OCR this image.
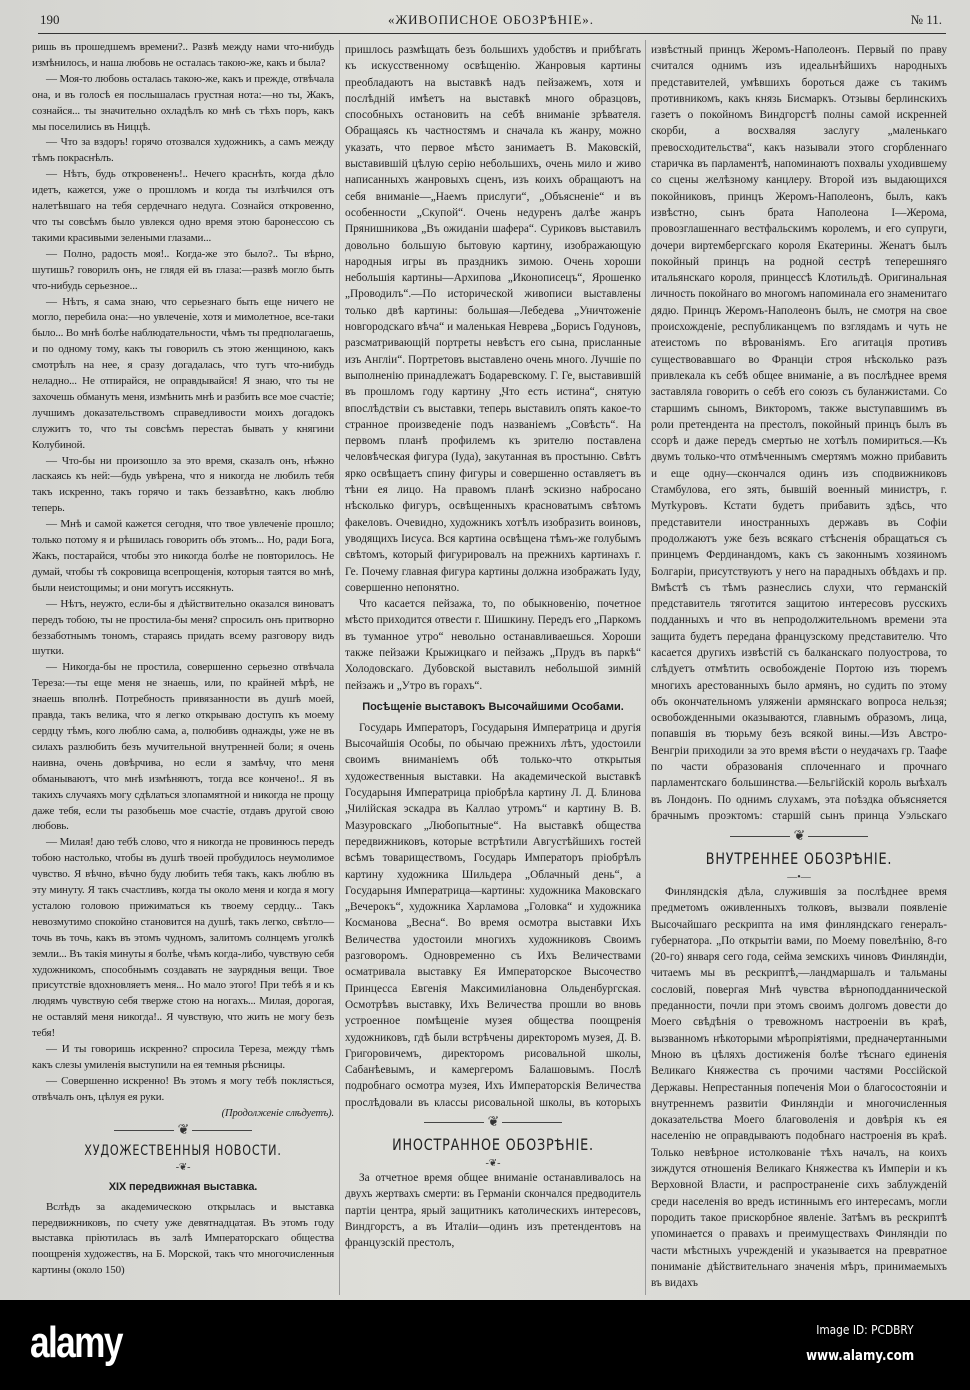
190	«ЖИВОПИСНОЕ ОБОЗРѢНІЕ».	№ 11.

ришь въ прошедшемъ времени?.. Развѣ между нами что-нибудь измѣнилось, и наша любовь не осталась такою-же, какъ и была?

— Моя-то любовь осталась такою-же, какъ и прежде, отвѣчала она, и въ голосѣ ея послышалась грустная нота:—но ты, Жакъ, сознайся... ты значительно охладѣлъ ко мнѣ съ тѣхъ поръ, какъ мы поселились въ Ниццѣ.

— Что за вздоръ! горячо отозвался художникъ, а самъ между тѣмъ покраснѣлъ.

— Нѣтъ, будь откровененъ!.. Нечего краснѣть, когда дѣло идетъ, кажется, уже о прошломъ и когда ты излѣчился отъ налетѣвшаго на тебя сердечнаго недуга. Сознайся откровенно, что ты совсѣмъ было увлекся одно время этою баронессою съ такими красивыми зелеными глазами...

— Полно, радость моя!.. Когда-же это было?.. Ты вѣрно, шутишь? говорилъ онъ, не глядя ей въ глаза:—развѣ могло быть что-нибудь серьезное...

— Нѣтъ, я сама знаю, что серьезнаго быть еще ничего не могло, перебила она:—но увлеченіе, хотя и мимолетное, все-таки было... Во мнѣ болѣе наблюдательности, чѣмъ ты предполагаешь, и по одному тому, какъ ты говорилъ съ этою женщиною, какъ смотрѣлъ на нее, я сразу догадалась, что тутъ что-нибудь неладно... Не отпирайся, не оправдывайся! Я знаю, что ты не захочешь обмануть меня, измѣнить мнѣ и разбить все мое счастіе; лучшимъ доказательствомъ справедливости моихъ догадокъ служитъ то, что ты совсѣмъ перестаъ бывать у княгини Колубиной.

— Что-бы ни произошло за это время, сказалъ онъ, нѣжно ласкаясь къ ней:—будь увѣрена, что я никогда не любилъ тебя такъ искренно, такъ горячо и такъ беззавѣтно, какъ люблю теперь.

— Мнѣ и самой кажется сегодня, что твое увлеченіе прошло; только потому я и рѣшилась говорить объ этомъ... Но, ради Бога, Жакъ, постарайся, чтобы это никогда болѣе не повторилось. Не думай, чтобы тѣ сокровища всепрощенія, которыя таятся во мнѣ, были неистощимы; и они могутъ иссякнуть.

— Нѣтъ, неужто, если-бы я дѣйствительно оказался виноватъ передъ тобою, ты не простила-бы меня? спросилъ онъ притворно беззаботнымъ тономъ, стараясь придать всему разговору видъ шутки.

— Никогда-бы не простила, совершенно серьезно отвѣчала Тереза:—ты еще меня не знаешь, или, по крайней мѣрѣ, не знаешь вполнѣ. Потребность привязанности въ душѣ моей, правда, такъ велика, что я легко открываю доступъ къ моему сердцу тѣмъ, кого люблю сама, а, полюбивъ однажды, уже не въ силахъ разлюбить безъ мучительной внутренней боли; я очень наивна, очень довѣрчива, но если я замѣчу, что меня обманываютъ, что мнѣ измѣняютъ, тогда все кончено!.. Я въ такихъ случаяхъ могу сдѣлаться злопамятной и никогда не прощу даже тебя, если ты разобьешь мое счастіе, отдавъ другой свою любовь.

— Милая! даю тебѣ слово, что я никогда не провинюсь передъ тобою настолько, чтобы въ душѣ твоей пробудилось неумолимое чувство. Я вѣчно, вѣчно буду любить тебя такъ, какъ люблю въ эту минуту. Я такъ счастливъ, когда ты около меня и когда я могу усталою головою прижиматься къ твоему сердцу... Такъ невозмутимо спокойно становится на душѣ, такъ легко, свѣтло—точь въ точь, какъ въ этомъ чудномъ, залитомъ солнцемъ уголкѣ земли... Въ такія минуты я болѣе, чѣмъ когда-либо, чувствую себя художникомъ, способнымъ создавать не заурядныя вещи. Твое присутствіе вдохновляетъ меня... Но мало этого! При тебѣ я и къ людямъ чувствую себя тверже стою на ногахъ... Милая, дорогая, не оставляй меня никогда!.. Я чувствую, что жить не могу безъ тебя!

— И ты говоришь искренно? спросила Тереза, между тѣмъ какъ слезы умиленія выступили на ея темныя рѣсницы.

— Совершенно искренно! Въ этомъ я могу тебѣ поклясться, отвѣчалъ онъ, цѣлуя ея руки.

(Продолженіе слѣдуетъ).
❦
ХУДОЖЕСТВЕННЫЯ НОВОСТИ.
-❦-
XIX передвижная выставка.

Вслѣдъ за академическою открылась и выставка передвижниковъ, по счету уже девятнадцатая. Въ этомъ году выставка пріютилась въ залѣ Императорскаго общества поощренія художествъ, на Б. Морской, такъ что многочисленныя картины (около 150)

пришлось размѣщать безъ большихъ удобствъ и прибѣгать къ искусственному освѣщенію. Жанровыя картины преобладаютъ на выставкѣ надъ пейзажемъ, хотя и послѣдній имѣетъ на выставкѣ много образцовъ, способныхъ остановить на себѣ вниманіе зрѣвателя. Обращаясь къ частностямъ и сначала къ жанру, можно указать, что первое мѣсто занимаетъ В. Маковскій, выставившій цѣлую серію небольшихъ, очень мило и живо написанныхъ жанровыхъ сценъ, изъ коихъ обращаютъ на себя вниманіе—„Наемъ прислуги“, „Объясненіе“ и въ особенности „Скупой“. Очень недуренъ далѣе жанръ Прянишникова „Въ ожиданіи шафера“. Суриковъ выставилъ довольно большую бытовую картину, изображающую народныя игры въ праздникъ зимою. Очень хороши небольшія картины—Архипова „Иконописецъ“, Ярошенко „Проводилъ“.—По исторической живописи выставлены только двѣ картины: большая—Лебедева „Уничтоженіе новгородскаго вѣча“ и маленькая Неврева „Борисъ Годуновъ, разсматривающій портреты невѣстъ его сына, присланные изъ Англіи“. Портретовъ выставлено очень много. Лучшіе по выполненію принадлежатъ Бодаревскому. Г. Ге, выставившій въ прошломъ году картину „Что есть истина“, снятую впослѣдствіи съ выставки, теперь выставилъ опять какое-то странное произведеніе подъ названіемъ „Совѣсть“. На первомъ планѣ профилемъ къ зрителю поставлена человѣческая фигура (Іуда), закутанная въ простыню. Свѣтъ ярко освѣщаетъ спину фигуры и совершенно оставляетъ въ тѣни ея лицо. На правомъ планѣ эскизно набросано нѣсколько фигуръ, освѣщенныхъ красноватымъ свѣтомъ факеловъ. Очевидно, художникъ хотѣлъ изобразить воиновъ, уводящихъ Іисуса. Вся картина освѣщена тѣмъ-же голубымъ свѣтомъ, который фигурировалъ на прежнихъ картинахъ г. Ге. Почему главная фигура картины должна изображать Іуду, совершенно непонятно.

Что касается пейзажа, то, по обыкновенію, почетное мѣсто приходится отвести г. Шишкину. Передъ его „Паркомъ въ туманное утро“ невольно останавливаешься. Хороши также пейзажи Крыжицкаго и пейзажъ „Прудъ въ паркѣ“ Холодовскаго. Дубовской выставилъ небольшой зимній пейзажъ и „Утро въ горахъ“.

Посѣщеніе выставокъ Высочайшими Особами.

Государь Императоръ, Государыня Императрица и другія Высочайшія Особы, по обычаю прежнихъ лѣтъ, удостоили своимъ вниманіемъ обѣ только-что открытыя художественныя выставки. На академической выставкѣ Государыня Императрица пріобрѣла картину Л. Д. Блинова „Чилійская эскадра въ Каллао утромъ“ и картину В. В. Мазуровскаго „Любопытные“. На выставкѣ общества передвижниковъ, которые встрѣтили Августѣйшихъ гостей всѣмъ товариществомъ, Государь Императоръ пріобрѣлъ картину художника Шильдера „Облачный день“, а Государыня Императрица—картины: художника Маковскаго „Вечерокъ“, художника Харламова „Головка“ и художника Косманова „Весна“. Во время осмотра выставки Ихъ Величества удостоили многихъ художниковъ Своимъ разговоромъ. Одновременно съ Ихъ Величествами осматривала выставку Ея Императорское Высочество Принцесса Евгенія Максимиліановна Ольденбургская. Осмотрѣвъ выставку, Ихъ Величества прошли во вновь устроенное помѣщеніе музея общества поощренія художниковъ, гдѣ были встрѣчены директоромъ музея, Д. В. Григоровичемъ, директоромъ рисовальной школы, Сабанѣевымъ, и камергеромъ Балашовымъ. Послѣ подробнаго осмотра музея, Ихъ Императорскія Величества прослѣдовали въ классы рисовальной школы, въ которыхъ

❦
ИНОСТРАННОЕ ОБОЗРѢНІЕ.
-❦-

За отчетное время общее вниманіе останавливалось на двухъ жертвахъ смерти: въ Германіи скончался предводитель партіи центра, ярый защитникъ католическихъ интересовъ, Виндгорстъ, а въ Италіи—одинъ изъ претендентовъ на французскій престолъ,

извѣстный принцъ Жеромъ-Наполеонъ. Первый по праву считался однимъ изъ идеальнѣйшихъ народныхъ представителей, умѣвшихъ бороться даже съ такимъ противникомъ, какъ князь Бисмаркъ. Отзывы берлинскихъ газетъ о покойномъ Виндгорстѣ полны самой искренней скорби, а восхваляя заслугу „маленькаго превосходительства“, какъ называли этого сгорбленнаго старичка въ парламентѣ, напоминаютъ похвалы уходившему со сцены желѣзному канцлеру. Второй изъ выдающихся покойниковъ, принцъ Жеромъ-Наполеонъ, былъ, какъ извѣстно, сынъ брата Наполеона I—Жерома, провозглашеннаго вестфальскимъ королемъ, и его супруги, дочери виртембергскаго короля Екатерины. Женатъ былъ покойный принцъ на родной сестрѣ теперешняго итальянскаго короля, принцессѣ Клотильдѣ. Оригинальная личность покойнаго во многомъ напоминала его знаменитаго дядю. Принцъ Жеромъ-Наполеонъ былъ, не смотря на свое происхожденіе, республиканцемъ по взглядамъ и чуть не атеистомъ по вѣрованіямъ. Его агитація противъ существовавшаго во Франціи строя нѣсколько разъ привлекала къ себѣ общее вниманіе, а въ послѣднее время заставляла говорить о себѣ его союзъ съ буланжистами. Со старшимъ сыномъ, Викторомъ, также выступавшимъ въ роли претендента на престолъ, покойный принцъ былъ въ ссорѣ и даже передъ смертью не хотѣлъ помириться.—Къ двумъ только-что отмѣченнымъ смертямъ можно прибавить и еще одну—скончался одинъ изъ сподвижниковъ Стамбулова, его зять, бывшій военный министръ, г. Мутkуровъ. Кстати будетъ прибавить здѣсь, что представители иностранныхъ державъ въ Софіи продолжаютъ уже безъ всякаго стѣсненія обращаться съ принцемъ Фердинандомъ, какъ съ законнымъ хозяиномъ Болгаріи, присутствуютъ у него на парадныхъ обѣдахъ и пр. Вмѣстѣ съ тѣмъ разнеслись слухи, что германскій представитель тяготится защитою интересовъ русскихъ подданныхъ и что въ непродолжительномъ времени эта защита будетъ передана французскому представителю. Что касается другихъ извѣстій съ балканскаго полуострова, то слѣдуетъ отмѣтить освобожденіе Портою изъ тюремъ многихъ арестованныхъ было армянъ, но судить по этому объ окончательномъ уляженіи армянскаго вопроса нельзя; освобожденными оказываются, главнымъ образомъ, лица, попавшія въ тюрьму безъ всякой вины.—Изъ Австро-Венгріи приходили за это время вѣсти о неудачахъ гр. Таафе по части образованія сплоченнаго и прочнаго парламентскаго большинства.—Бельгійскій король выѣхалъ въ Лондонъ. По однимъ слухамъ, эта поѣздка объясняется брачнымъ проэктомъ: старшій сынъ принца Уэльскаго

❦
ВНУТРЕННЕЕ ОБОЗРѢНІЕ.
—•—

Финляндскія дѣла, служившія за послѣднее время предметомъ оживленныхъ толковъ, вызвали появленіе Высочайшаго рескрипта на имя финляндскаго генералъ-губернатора. „По открытіи вами, по Моему повелѣнію, 8-го (20-го) января сего года, сейма земскихъ чиновъ Финляндіи, читаемъ мы въ рескриптѣ,—ландмаршалъ и тальманы сословій, повергая Мнѣ чувства вѣрноподданнической преданности, почли при этомъ своимъ долгомъ довести до Моего свѣдѣнія о тревожномъ настроеніи въ краѣ, вызванномъ нѣкоторыми мѣропріятіями, предначертанными Мною въ цѣляхъ достиженія болѣе тѣснаго единенія Великаго Княжества съ прочими частями Россійской Державы. Непрестанныя попеченія Мои о благосостояніи и внутреннемъ развитіи Финляндіи и многочисленныя доказательства Моего благоволенія и довѣрія къ ея населенію не оправдываютъ подобнаго настроенія въ краѣ. Только невѣрное истолкованіе тѣхъ началъ, на коихъ зиждутся отношенія Великаго Княжества къ Имперіи и къ Верховной Власти, и распространеніе сихъ заблужденій среди населенія во вредъ истиннымъ его интересамъ, могли породить такое прискорбное явленіе. Затѣмъ въ рескриптѣ упоминается о правахъ и преимуществахъ Финляндіи по части мѣстныхъ учрежденій и указывается на превратное пониманіе дѣйствительнаго значенія мѣръ, принимаемыхъ въ видахъ

alamy	Image ID: PCDBRY
www.alamy.com
